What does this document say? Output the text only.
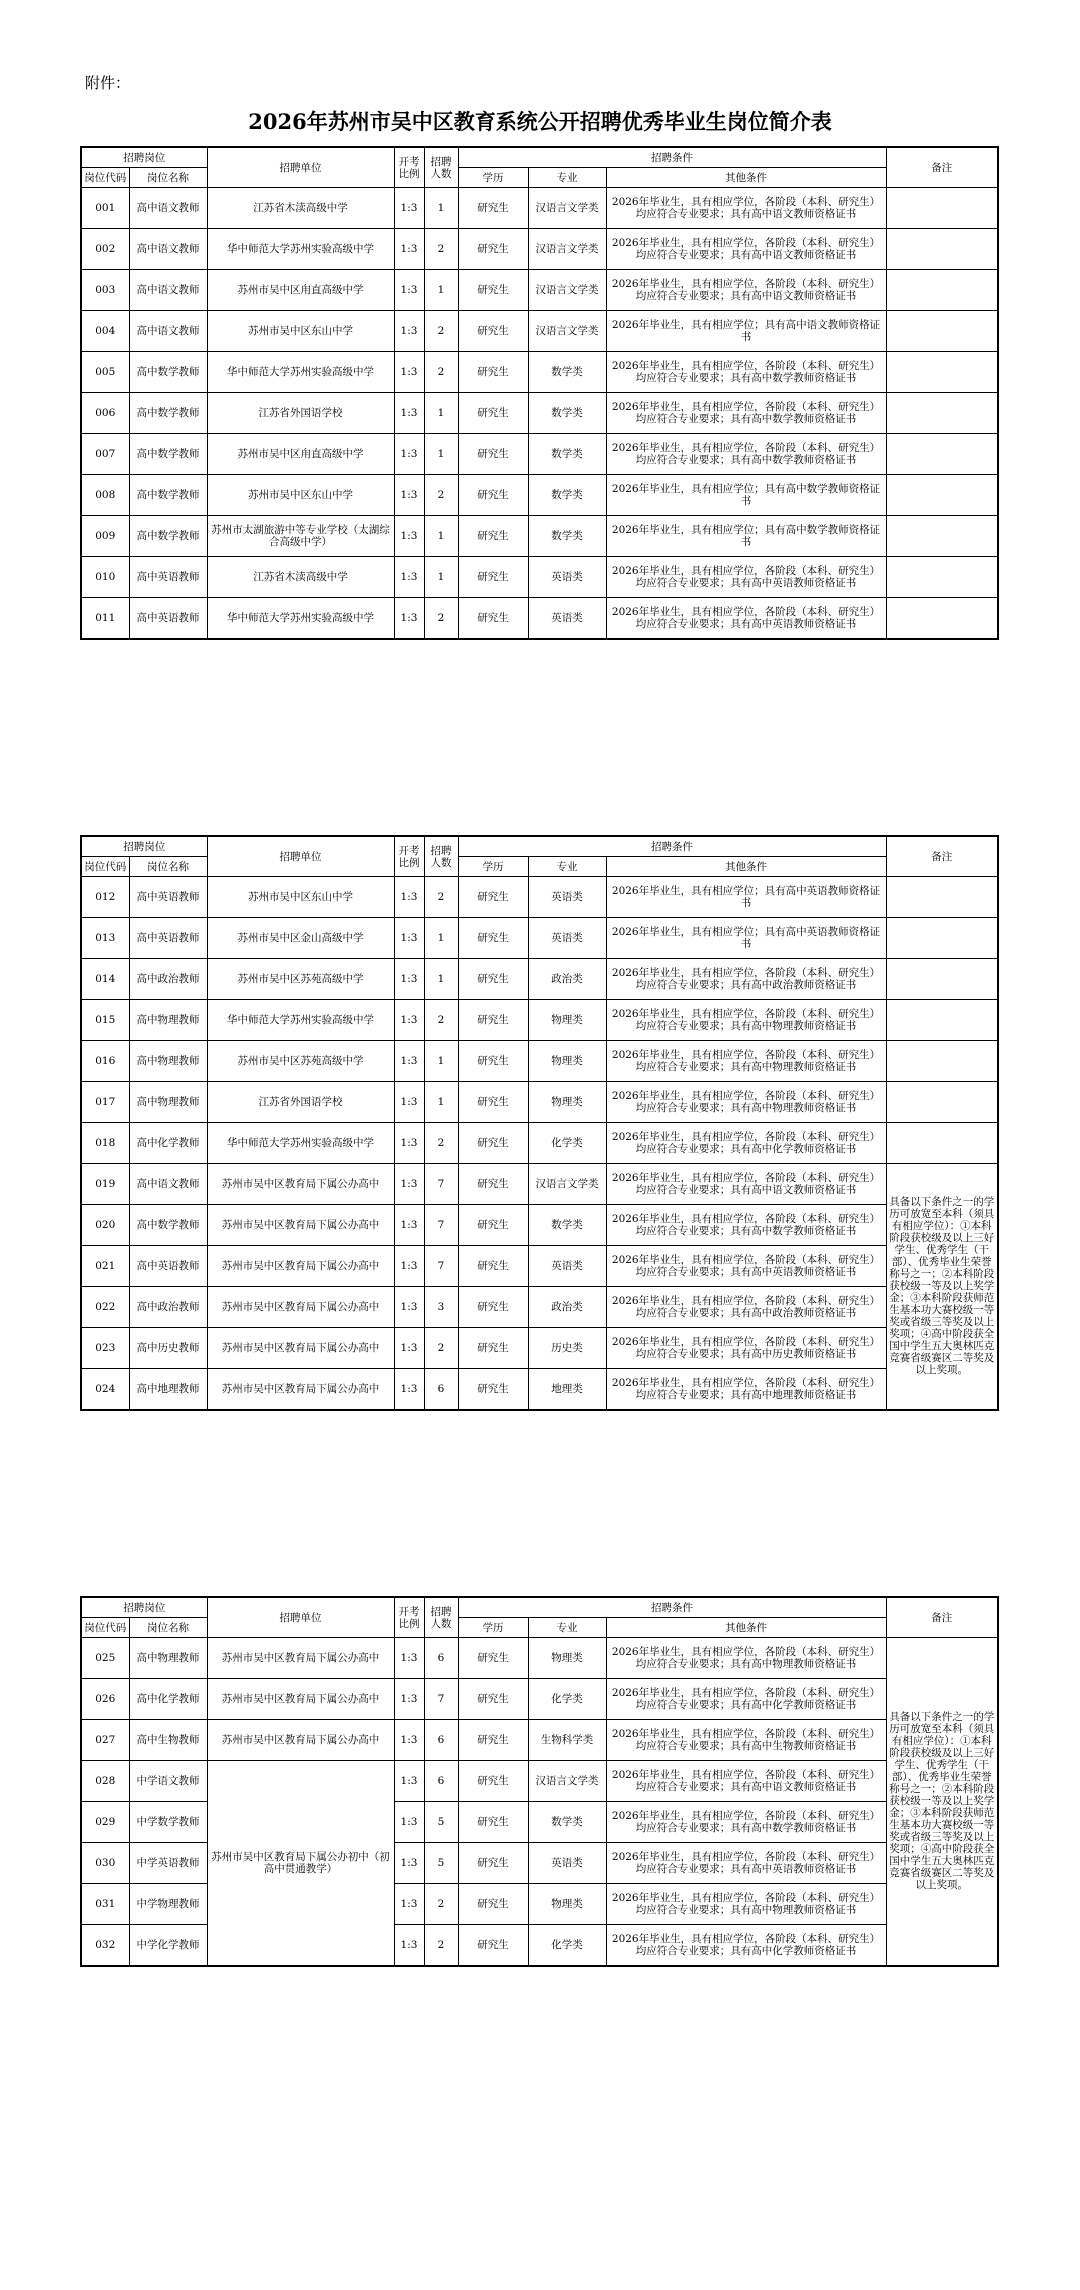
附件：
2026年苏州市吴中区教育系统公开招聘优秀毕业生岗位简介表
招聘岗位		招聘单位	开考比例	招聘人数	招聘条件			备注
岗位代码	岗位名称				学历	专业	其他条件	
001	高中语文教师	江苏省木渎高级中学	1:3	1	研究生	汉语言文学类	2026年毕业生，具有相应学位，各阶段（本科、研究生）均应符合专业要求；具有高中语文教师资格证书	
002	高中语文教师	华中师范大学苏州实验高级中学	1:3	2	研究生	汉语言文学类	2026年毕业生，具有相应学位，各阶段（本科、研究生）均应符合专业要求；具有高中语文教师资格证书	
003	高中语文教师	苏州市吴中区甪直高级中学	1:3	1	研究生	汉语言文学类	2026年毕业生，具有相应学位，各阶段（本科、研究生）均应符合专业要求；具有高中语文教师资格证书	
004	高中语文教师	苏州市吴中区东山中学	1:3	2	研究生	汉语言文学类	2026年毕业生，具有相应学位；具有高中语文教师资格证书	
005	高中数学教师	华中师范大学苏州实验高级中学	1:3	2	研究生	数学类	2026年毕业生，具有相应学位，各阶段（本科、研究生）均应符合专业要求；具有高中数学教师资格证书	
006	高中数学教师	江苏省外国语学校	1:3	1	研究生	数学类	2026年毕业生，具有相应学位，各阶段（本科、研究生）均应符合专业要求；具有高中数学教师资格证书	
007	高中数学教师	苏州市吴中区甪直高级中学	1:3	1	研究生	数学类	2026年毕业生，具有相应学位，各阶段（本科、研究生）均应符合专业要求；具有高中数学教师资格证书	
008	高中数学教师	苏州市吴中区东山中学	1:3	2	研究生	数学类	2026年毕业生，具有相应学位；具有高中数学教师资格证书	
009	高中数学教师	苏州市太湖旅游中等专业学校（太湖综合高级中学）	1:3	1	研究生	数学类	2026年毕业生，具有相应学位；具有高中数学教师资格证书	
010	高中英语教师	江苏省木渎高级中学	1:3	1	研究生	英语类	2026年毕业生，具有相应学位，各阶段（本科、研究生）均应符合专业要求；具有高中英语教师资格证书	
011	高中英语教师	华中师范大学苏州实验高级中学	1:3	2	研究生	英语类	2026年毕业生，具有相应学位，各阶段（本科、研究生）均应符合专业要求；具有高中英语教师资格证书	
招聘岗位		招聘单位	开考比例	招聘人数	招聘条件			备注
岗位代码	岗位名称				学历	专业	其他条件	
012	高中英语教师	苏州市吴中区东山中学	1:3	2	研究生	英语类	2026年毕业生，具有相应学位；具有高中英语教师资格证书	
013	高中英语教师	苏州市吴中区金山高级中学	1:3	1	研究生	英语类	2026年毕业生，具有相应学位；具有高中英语教师资格证书	
014	高中政治教师	苏州市吴中区苏苑高级中学	1:3	1	研究生	政治类	2026年毕业生，具有相应学位，各阶段（本科、研究生）均应符合专业要求；具有高中政治教师资格证书	
015	高中物理教师	华中师范大学苏州实验高级中学	1:3	2	研究生	物理类	2026年毕业生，具有相应学位，各阶段（本科、研究生）均应符合专业要求；具有高中物理教师资格证书	
016	高中物理教师	苏州市吴中区苏苑高级中学	1:3	1	研究生	物理类	2026年毕业生，具有相应学位，各阶段（本科、研究生）均应符合专业要求；具有高中物理教师资格证书	
017	高中物理教师	江苏省外国语学校	1:3	1	研究生	物理类	2026年毕业生，具有相应学位，各阶段（本科、研究生）均应符合专业要求；具有高中物理教师资格证书	
018	高中化学教师	华中师范大学苏州实验高级中学	1:3	2	研究生	化学类	2026年毕业生，具有相应学位，各阶段（本科、研究生）均应符合专业要求；具有高中化学教师资格证书	
019	高中语文教师	苏州市吴中区教育局下属公办高中	1:3	7	研究生	汉语言文学类	2026年毕业生，具有相应学位，各阶段（本科、研究生）均应符合专业要求；具有高中语文教师资格证书	具备以下条件之一的学历可放宽至本科（须具有相应学位）：①本科阶段获校级及以上三好学生、优秀学生（干部）、优秀毕业生荣誉称号之一；②本科阶段获校级一等及以上奖学金；③本科阶段获师范生基本功大赛校级一等奖或省级三等奖及以上奖项；④高中阶段获全国中学生五大奥林匹克竞赛省级赛区二等奖及以上奖项。
020	高中数学教师	苏州市吴中区教育局下属公办高中	1:3	7	研究生	数学类	2026年毕业生，具有相应学位，各阶段（本科、研究生）均应符合专业要求；具有高中数学教师资格证书	
021	高中英语教师	苏州市吴中区教育局下属公办高中	1:3	7	研究生	英语类	2026年毕业生，具有相应学位，各阶段（本科、研究生）均应符合专业要求；具有高中英语教师资格证书	
022	高中政治教师	苏州市吴中区教育局下属公办高中	1:3	3	研究生	政治类	2026年毕业生，具有相应学位，各阶段（本科、研究生）均应符合专业要求；具有高中政治教师资格证书	
023	高中历史教师	苏州市吴中区教育局下属公办高中	1:3	2	研究生	历史类	2026年毕业生，具有相应学位，各阶段（本科、研究生）均应符合专业要求；具有高中历史教师资格证书	
024	高中地理教师	苏州市吴中区教育局下属公办高中	1:3	6	研究生	地理类	2026年毕业生，具有相应学位，各阶段（本科、研究生）均应符合专业要求；具有高中地理教师资格证书	
招聘岗位		招聘单位	开考比例	招聘人数	招聘条件			备注
岗位代码	岗位名称				学历	专业	其他条件	
025	高中物理教师	苏州市吴中区教育局下属公办高中	1:3	6	研究生	物理类	2026年毕业生，具有相应学位，各阶段（本科、研究生）均应符合专业要求；具有高中物理教师资格证书	具备以下条件之一的学历可放宽至本科（须具有相应学位）：①本科阶段获校级及以上三好学生、优秀学生（干部）、优秀毕业生荣誉称号之一；②本科阶段获校级一等及以上奖学金；③本科阶段获师范生基本功大赛校级一等奖或省级三等奖及以上奖项；④高中阶段获全国中学生五大奥林匹克竞赛省级赛区二等奖及以上奖项。
026	高中化学教师	苏州市吴中区教育局下属公办高中	1:3	7	研究生	化学类	2026年毕业生，具有相应学位，各阶段（本科、研究生）均应符合专业要求；具有高中化学教师资格证书	
027	高中生物教师	苏州市吴中区教育局下属公办高中	1:3	6	研究生	生物科学类	2026年毕业生，具有相应学位，各阶段（本科、研究生）均应符合专业要求；具有高中生物教师资格证书	
028	中学语文教师	苏州市吴中区教育局下属公办初中（初高中贯通教学）	1:3	6	研究生	汉语言文学类	2026年毕业生，具有相应学位，各阶段（本科、研究生）均应符合专业要求；具有高中语文教师资格证书	
029	中学数学教师		1:3	5	研究生	数学类	2026年毕业生，具有相应学位，各阶段（本科、研究生）均应符合专业要求；具有高中数学教师资格证书	
030	中学英语教师		1:3	5	研究生	英语类	2026年毕业生，具有相应学位，各阶段（本科、研究生）均应符合专业要求；具有高中英语教师资格证书	
031	中学物理教师		1:3	2	研究生	物理类	2026年毕业生，具有相应学位，各阶段（本科、研究生）均应符合专业要求；具有高中物理教师资格证书	
032	中学化学教师		1:3	2	研究生	化学类	2026年毕业生，具有相应学位，各阶段（本科、研究生）均应符合专业要求；具有高中化学教师资格证书	
